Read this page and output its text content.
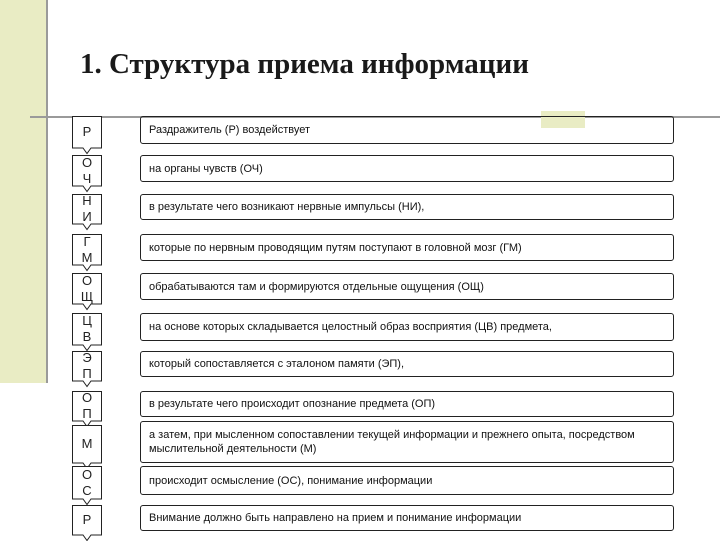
1. Структура приема информации
Р	Раздражитель (Р) воздействует
О
Ч
на органы чувств (ОЧ)
Н
И
в результате чего возникают нервные импульсы (НИ),
Г
М
которые по нервным проводящим путям поступают в головной мозг (ГМ)
О
Щ
обрабатываются там и формируются отдельные ощущения (ОЩ)
Ц
В
на основе которых складывается целостный образ восприятия (ЦВ) предмета,
Э
П
который сопоставляется с эталоном памяти (ЭП),
О
П
в результате чего происходит опознание предмета (ОП)
М
а затем, при мысленном сопоставлении текущей информации и прежнего опыта, посредством мыслительной деятельности (М)
О
С
происходит осмысление (ОС), понимание информации
Р	Внимание должно быть направлено на прием и понимание информации
